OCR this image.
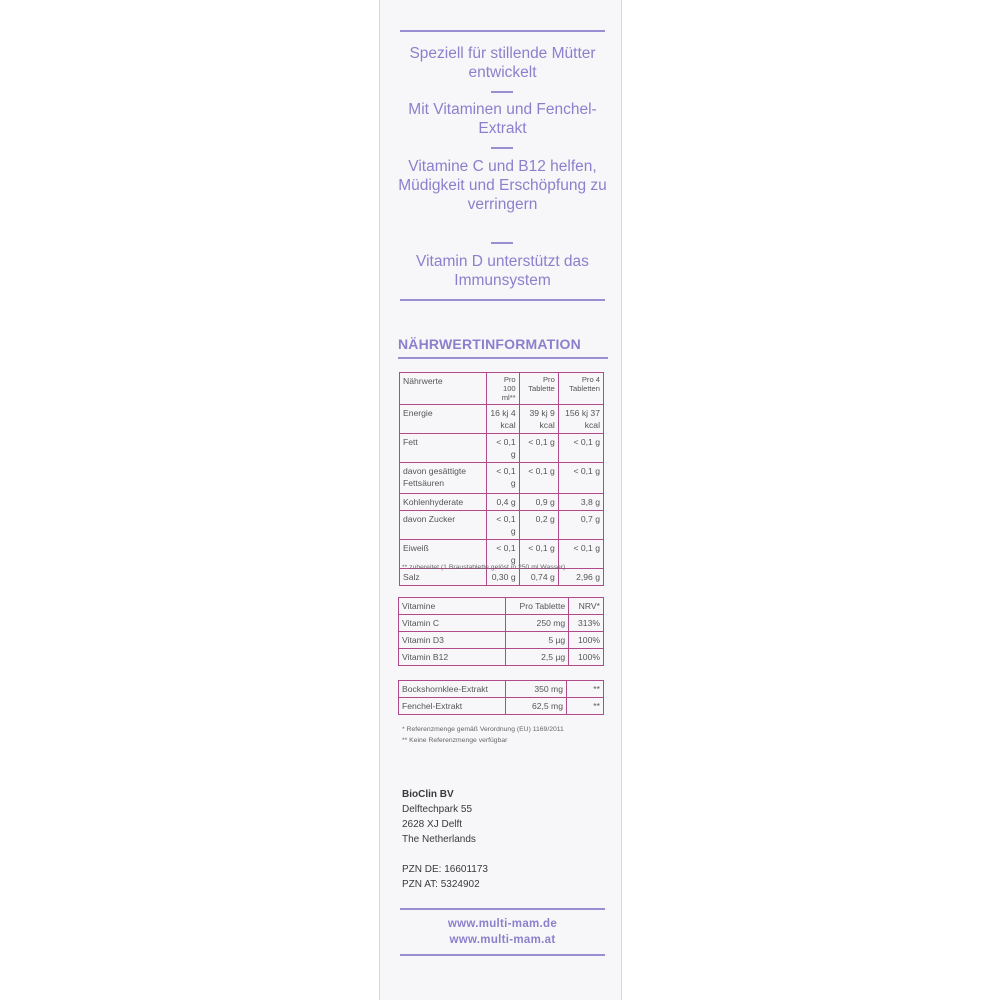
Speziell für stillende Mütter entwickelt
Mit Vitaminen und Fenchel-Extrakt
Vitamine C und B12 helfen, Müdigkeit und Erschöpfung zu verringern
Vitamin D unterstützt das Immunsystem
NÄHRWERTINFORMATION
Nährwerte	Pro 100 ml**	Pro Tablette	Pro 4 Tabletten
Energie	16 kj 4 kcal	39 kj 9 kcal	156 kj 37 kcal
Fett	< 0,1 g	< 0,1 g	< 0,1 g
davon gesättigte Fettsäuren	< 0,1 g	< 0,1 g	< 0,1 g
Kohlenhyderate	0,4 g	0,9 g	3,8 g
davon Zucker	< 0,1 g	0,2 g	0,7 g
Eiweiß	< 0,1 g	< 0,1 g	< 0,1 g
Salz	0,30 g	0,74 g	2,96 g
** zubereitet (1 Braustablette gelöst in 250 ml Wasser)
Vitamine	Pro Tablette	NRV*
Vitamin C	250 mg	313%
Vitamin D3	5 µg	100%
Vitamin B12	2,5 µg	100%
Bockshornklee-Extrakt	350 mg	**
Fenchel-Extrakt	62,5 mg	**
* Referenzmenge gemäß Verordnung (EU) 1169/2011
** Keine Referenzmenge verfügbar
BioClin BV
Delftechpark 55
2628 XJ Delft
The Netherlands
PZN DE: 16601173
PZN AT: 5324902
www.multi-mam.de
www.multi-mam.at
